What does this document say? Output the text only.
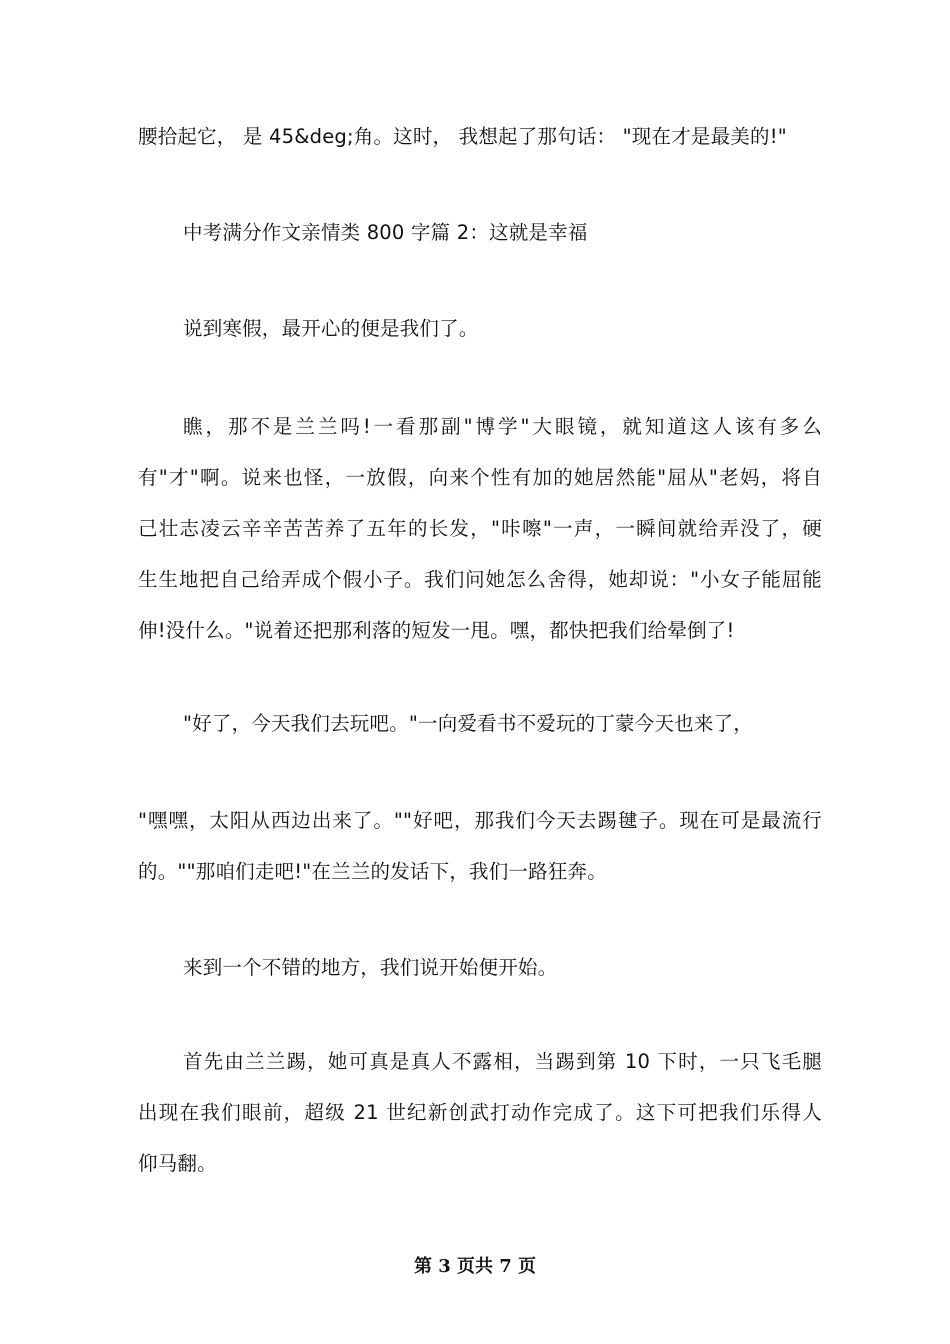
腰拾起它， 是 45&deg;角。这时， 我想起了那句话： "现在才是最美的!"
中考满分作文亲情类 800 字篇 2：这就是幸福
说到寒假，最开心的便是我们了。
瞧，那不是兰兰吗!一看那副"博学"大眼镜，就知道这人该有多么
有"才"啊。说来也怪，一放假，向来个性有加的她居然能"屈从"老妈，将自
己壮志凌云辛辛苦苦养了五年的长发，"咔嚓"一声，一瞬间就给弄没了，硬
生生地把自己给弄成个假小子。我们问她怎么舍得，她却说："小女子能屈能
伸!没什么。"说着还把那利落的短发一甩。嘿，都快把我们给晕倒了!
"好了，今天我们去玩吧。"一向爱看书不爱玩的丁蒙今天也来了，
"嘿嘿，太阳从西边出来了。""好吧，那我们今天去踢毽子。现在可是最流行
的。""那咱们走吧!"在兰兰的发话下，我们一路狂奔。
来到一个不错的地方，我们说开始便开始。
首先由兰兰踢，她可真是真人不露相，当踢到第 10 下时，一只飞毛腿
出现在我们眼前，超级 21 世纪新创武打动作完成了。这下可把我们乐得人
仰马翻。
第 3 页共 7 页
